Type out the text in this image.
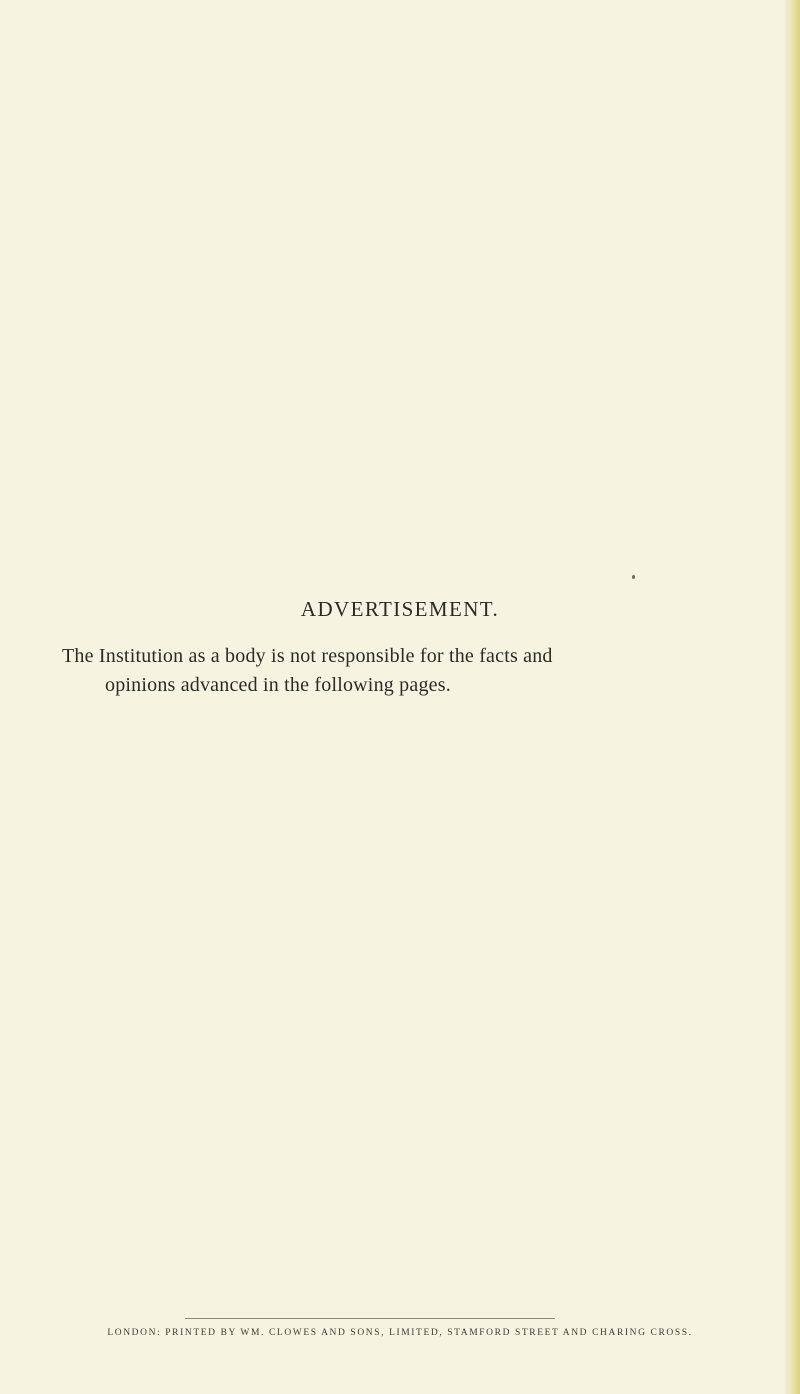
ADVERTISEMENT.
The Institution as a body is not responsible for the facts and
opinions advanced in the following pages.
LONDON: PRINTED BY WM. CLOWES AND SONS, LIMITED, STAMFORD STREET AND CHARING CROSS.
